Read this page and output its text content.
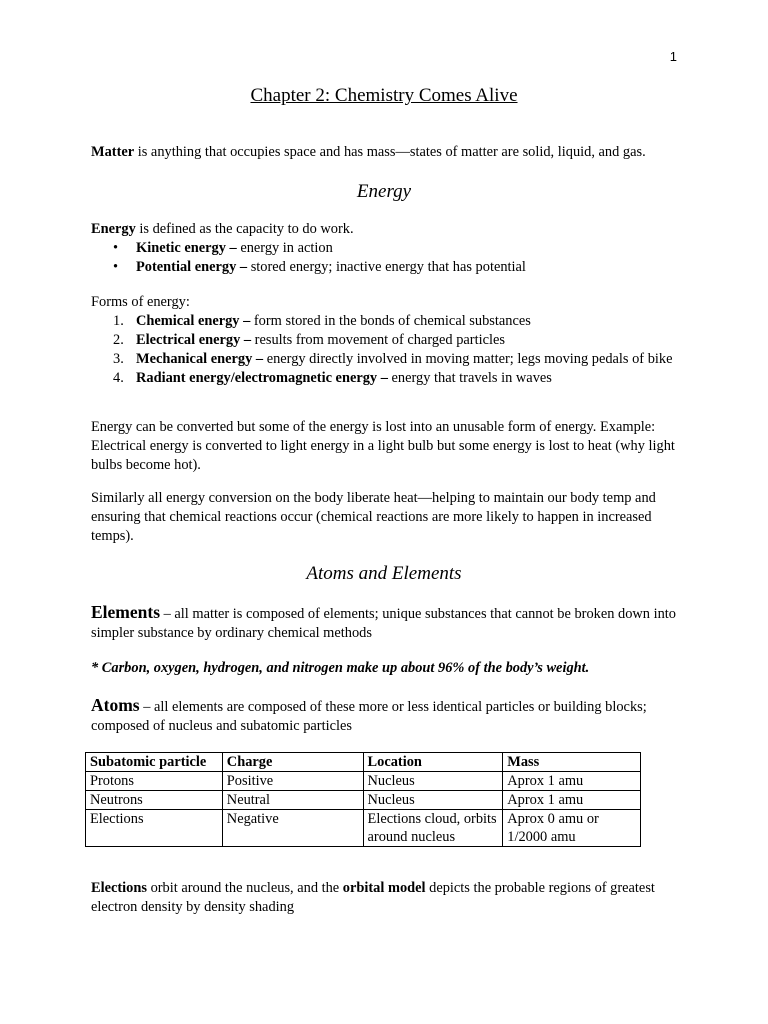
1
Chapter 2: Chemistry Comes Alive
Matter is anything that occupies space and has mass—states of matter are solid, liquid, and gas.
Energy
Energy is defined as the capacity to do work.
• Kinetic energy – energy in action
• Potential energy – stored energy; inactive energy that has potential
Forms of energy:
1. Chemical energy – form stored in the bonds of chemical substances
2. Electrical energy – results from movement of charged particles
3. Mechanical energy – energy directly involved in moving matter; legs moving pedals of bike
4. Radiant energy/electromagnetic energy – energy that travels in waves
Energy can be converted but some of the energy is lost into an unusable form of energy. Example: Electrical energy is converted to light energy in a light bulb but some energy is lost to heat (why light bulbs become hot).
Similarly all energy conversion on the body liberate heat—helping to maintain our body temp and ensuring that chemical reactions occur (chemical reactions are more likely to happen in increased temps).
Atoms and Elements
Elements – all matter is composed of elements; unique substances that cannot be broken down into simpler substance by ordinary chemical methods
* Carbon, oxygen, hydrogen, and nitrogen make up about 96% of the body’s weight.
Atoms – all elements are composed of these more or less identical particles or building blocks; composed of nucleus and subatomic particles
Subatomic particle	Charge	Location	Mass
Protons	Positive	Nucleus	Aprox 1 amu
Neutrons	Neutral	Nucleus	Aprox 1 amu
Elections	Negative	Elections cloud, orbits around nucleus	Aprox 0 amu or 1/2000 amu
Elections orbit around the nucleus, and the orbital model depicts the probable regions of greatest electron density by density shading
